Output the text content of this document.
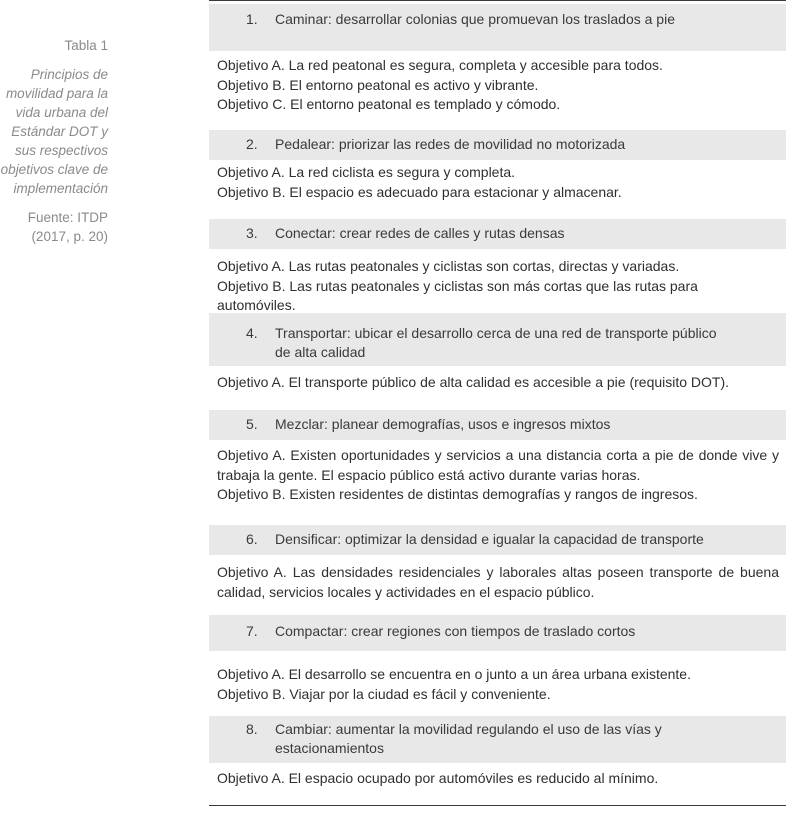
Tabla 1

Principios de movilidad para la vida urbana del Estándar DOT y sus respectivos objetivos clave de implementación

Fuente: ITDP (2017, p. 20)

1. Caminar: desarrollar colonias que promuevan los traslados a pie

Objetivo A. La red peatonal es segura, completa y accesible para todos.

Objetivo B. El entorno peatonal es activo y vibrante.

Objetivo C. El entorno peatonal es templado y cómodo.

2. Pedalear: priorizar las redes de movilidad no motorizada

Objetivo A. La red ciclista es segura y completa.

Objetivo B. El espacio es adecuado para estacionar y almacenar.

3. Conectar: crear redes de calles y rutas densas

Objetivo A. Las rutas peatonales y ciclistas son cortas, directas y variadas.

Objetivo B. Las rutas peatonales y ciclistas son más cortas que las rutas para automóviles.

4. Transportar: ubicar el desarrollo cerca de una red de transporte público de alta calidad

Objetivo A. El transporte público de alta calidad es accesible a pie (requisito DOT).

5. Mezclar: planear demografías, usos e ingresos mixtos

Objetivo A. Existen oportunidades y servicios a una distancia corta a pie de donde vive y trabaja la gente. El espacio público está activo durante varias horas.

Objetivo B. Existen residentes de distintas demografías y rangos de ingresos.

6. Densificar: optimizar la densidad e igualar la capacidad de transporte

Objetivo A. Las densidades residenciales y laborales altas poseen transporte de buena calidad, servicios locales y actividades en el espacio público.

7. Compactar: crear regiones con tiempos de traslado cortos

Objetivo A. El desarrollo se encuentra en o junto a un área urbana existente.

Objetivo B. Viajar por la ciudad es fácil y conveniente.

8. Cambiar: aumentar la movilidad regulando el uso de las vías y estacionamientos

Objetivo A. El espacio ocupado por automóviles es reducido al mínimo.
